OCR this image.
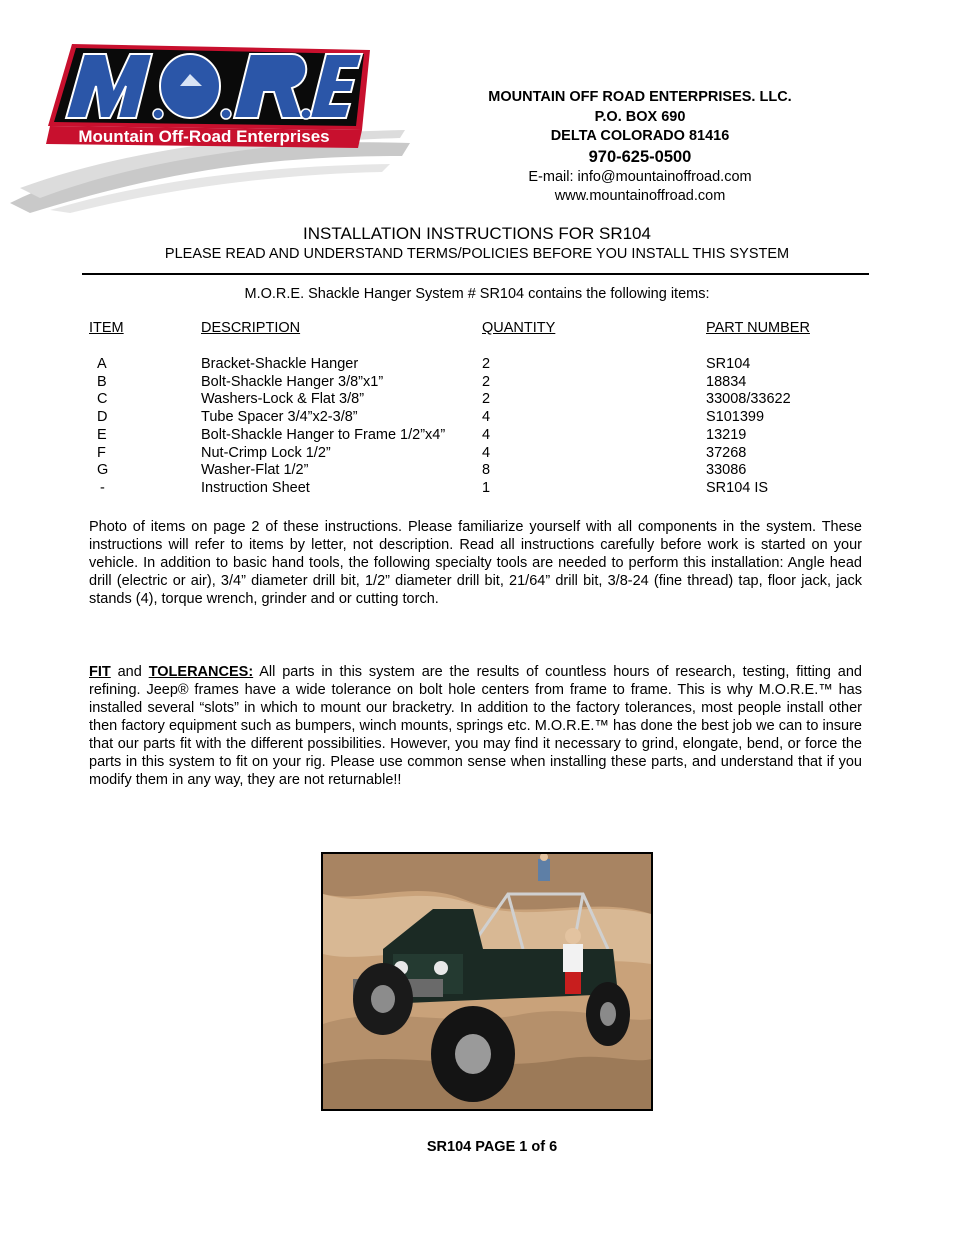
Mountain Off-Road Enterprises
MOUNTAIN OFF ROAD ENTERPRISES. LLC.
P.O. BOX 690
DELTA COLORADO 81416
970-625-0500
E-mail: info@mountainoffroad.com
www.mountainoffroad.com
INSTALLATION INSTRUCTIONS FOR SR104
PLEASE READ AND UNDERSTAND TERMS/POLICIES BEFORE YOU INSTALL THIS SYSTEM
M.O.R.E. Shackle Hanger System # SR104 contains the following items:
ITEM	DESCRIPTION	QUANTITY	PART NUMBER
A	Bracket-Shackle Hanger	2	SR104
B	Bolt-Shackle Hanger 3/8”x1”	2	18834
C	Washers-Lock & Flat 3/8”	2	33008/33622
D	Tube Spacer 3/4”x2-3/8”	4	S101399
E	Bolt-Shackle Hanger to Frame 1/2”x4”	4	13219
F	Nut-Crimp Lock 1/2”	4	37268
G	Washer-Flat 1/2”	8	33086
-	Instruction Sheet	1	SR104 IS
Photo of items on page 2 of these instructions. Please familiarize yourself with all components in the system. These instructions will refer to items by letter, not description. Read all instructions carefully before work is started on your vehicle. In addition to basic hand tools, the following specialty tools are needed to perform this installation: Angle head drill (electric or air), 3/4” diameter drill bit, 1/2” diameter drill bit, 21/64” drill bit, 3/8-24 (fine thread) tap, floor jack, jack stands (4), torque wrench, grinder and or cutting torch.
FIT and TOLERANCES: All parts in this system are the results of countless hours of research, testing, fitting and refining. Jeep® frames have a wide tolerance on bolt hole centers from frame to frame. This is why M.O.R.E.™ has installed several “slots” in which to mount our bracketry. In addition to the factory tolerances, most people install other then factory equipment such as bumpers, winch mounts, springs etc. M.O.R.E.™ has done the best job we can to insure that our parts fit with the different possibilities. However, you may find it necessary to grind, elongate, bend, or force the parts in this system to fit on your rig. Please use common sense when installing these parts, and understand that if you modify them in any way, they are not returnable!!
SR104 PAGE 1 of 6
